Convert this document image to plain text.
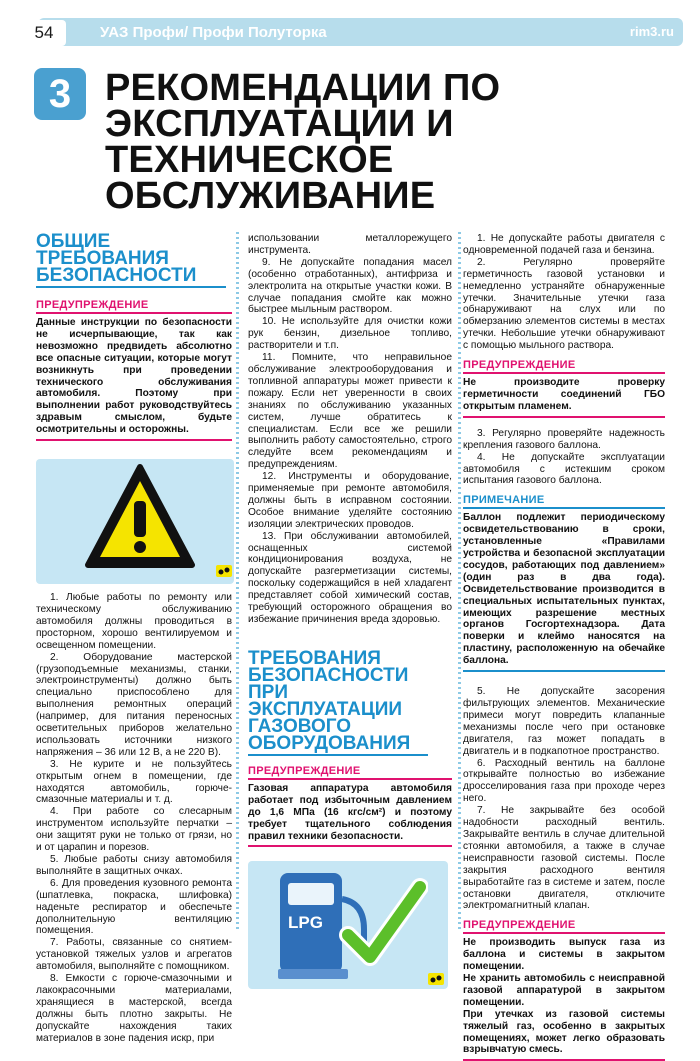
54	УАЗ Профи/ Профи Полуторка	rim3.ru
3 РЕКОМЕНДАЦИИ ПО ЭКСПЛУАТАЦИИ И ТЕХНИЧЕСКОЕ ОБСЛУЖИВАНИЕ
ОБЩИЕ ТРЕБОВАНИЯ БЕЗОПАСНОСТИ
ПРЕДУПРЕЖДЕНИЕ
Данные инструкции по безопасности не исчерпывающие, так как невозможно предвидеть абсолютно все опасные ситуации, которые могут возникнуть при проведении технического обслуживания автомобиля. Поэтому при выполнении работ руководствуйтесь здравым смыслом, будьте осмотрительны и осторожны.

1. Любые работы по ремонту или техническому обслуживанию автомобиля должны проводиться в просторном, хорошо вентилируемом и освещенном помещении.

2. Оборудование мастерской (грузоподъемные механизмы, станки, электроинструменты) должно быть специально приспособлено для выполнения ремонтных операций (например, для питания переносных осветительных приборов желательно использовать источники низкого напряжения – 36 или 12 В, а не 220 В).

3. Не курите и не пользуйтесь открытым огнем в помещении, где находятся автомобиль, горюче-смазочные материалы и т. д.

4. При работе со слесарным инструментом используйте перчатки – они защитят руки не только от грязи, но и от царапин и порезов.

5. Любые работы снизу автомобиля выполняйте в защитных очках.

6. Для проведения кузовного ремонта (шпатлевка, покраска, шлифовка) наденьте респиратор и обеспечьте дополнительную вентиляцию помещения.

7. Работы, связанные со снятием-установкой тяжелых узлов и агрегатов автомобиля, выполняйте с помощником.

8. Емкости с горюче-смазочными и лакокрасочными материалами, хранящиеся в мастерской, всегда должны быть плотно закрыты. Не допускайте нахождения таких материалов в зоне падения искр, при

использовании металлорежущего инструмента.

9. Не допускайте попадания масел (особенно отработанных), антифриза и электролита на открытые участки кожи. В случае попадания смойте как можно быстрее мыльным раствором.

10. Не используйте для очистки кожи рук бензин, дизельное топливо, растворители и т.п.

11. Помните, что неправильное обслуживание электрооборудования и топливной аппаратуры может привести к пожару. Если нет уверенности в своих знаниях по обслуживанию указанных систем, лучше обратитесь к специалистам. Если все же решили выполнить работу самостоятельно, строго следуйте всем рекомендациям и предупреждениям.

12. Инструменты и оборудование, применяемые при ремонте автомобиля, должны быть в исправном состоянии. Особое внимание уделяйте состоянию изоляции электрических проводов.

13. При обслуживании автомобилей, оснащенных системой кондиционирования воздуха, не допускайте разгерметизации системы, поскольку содержащийся в ней хладагент представляет собой химический состав, требующий осторожного обращения во избежание причинения вреда здоровью.

ТРЕБОВАНИЯ БЕЗОПАСНОСТИ ПРИ ЭКСПЛУАТАЦИИ ГАЗОВОГО ОБОРУДОВАНИЯ
ПРЕДУПРЕЖДЕНИЕ
Газовая аппаратура автомобиля работает под избыточным давлением до 1,6 МПа (16 кгс/см²) и поэтому требует тщательного соблюдения правил техники безопасности.
LPG

1. Не допускайте работы двигателя с одновременной подачей газа и бензина.

2. Регулярно проверяйте герметичность газовой установки и немедленно устраняйте обнаруженные утечки. Значительные утечки газа обнаруживают на слух или по обмерзанию элементов системы в местах утечки. Небольшие утечки обнаруживают с помощью мыльного раствора.

ПРЕДУПРЕЖДЕНИЕ
Не производите проверку герметичности соединений ГБО открытым пламенем.

3. Регулярно проверяйте надежность крепления газового баллона.

4. Не допускайте эксплуатации автомобиля с истекшим сроком испытания газового баллона.

ПРИМЕЧАНИЕ
Баллон подлежит периодическому освидетельствованию в сроки, установленные «Правилами устройства и безопасной эксплуатации сосудов, работающих под давлением» (один раз в два года). Освидетельствование производится в специальных испытательных пунктах, имеющих разрешение местных органов Госгортехнадзора. Дата поверки и клеймо наносятся на пластину, расположенную на обечайке баллона.

5. Не допускайте засорения фильтрующих элементов. Механические примеси могут повредить клапанные механизмы после чего при остановке двигателя, газ может попадать в двигатель и в подкапотное пространство.

6. Расходный вентиль на баллоне открывайте полностью во избежание дросселирования газа при проходе через него.

7. Не закрывайте без особой надобности расходный вентиль. Закрывайте вентиль в случае длительной стоянки автомобиля, а также в случае неисправности газовой системы. После закрытия расходного вентиля выработайте газ в системе и затем, после остановки двигателя, отключите электромагнитный клапан.

ПРЕДУПРЕЖДЕНИЕ
Не производить выпуск газа из баллона и системы в закрытом помещении.
Не хранить автомобиль с неисправной газовой аппаратурой в закрытом помещении.
При утечках из газовой системы тяжелый газ, особенно в закрытых помещениях, может легко образовать взрывчатую смесь.
